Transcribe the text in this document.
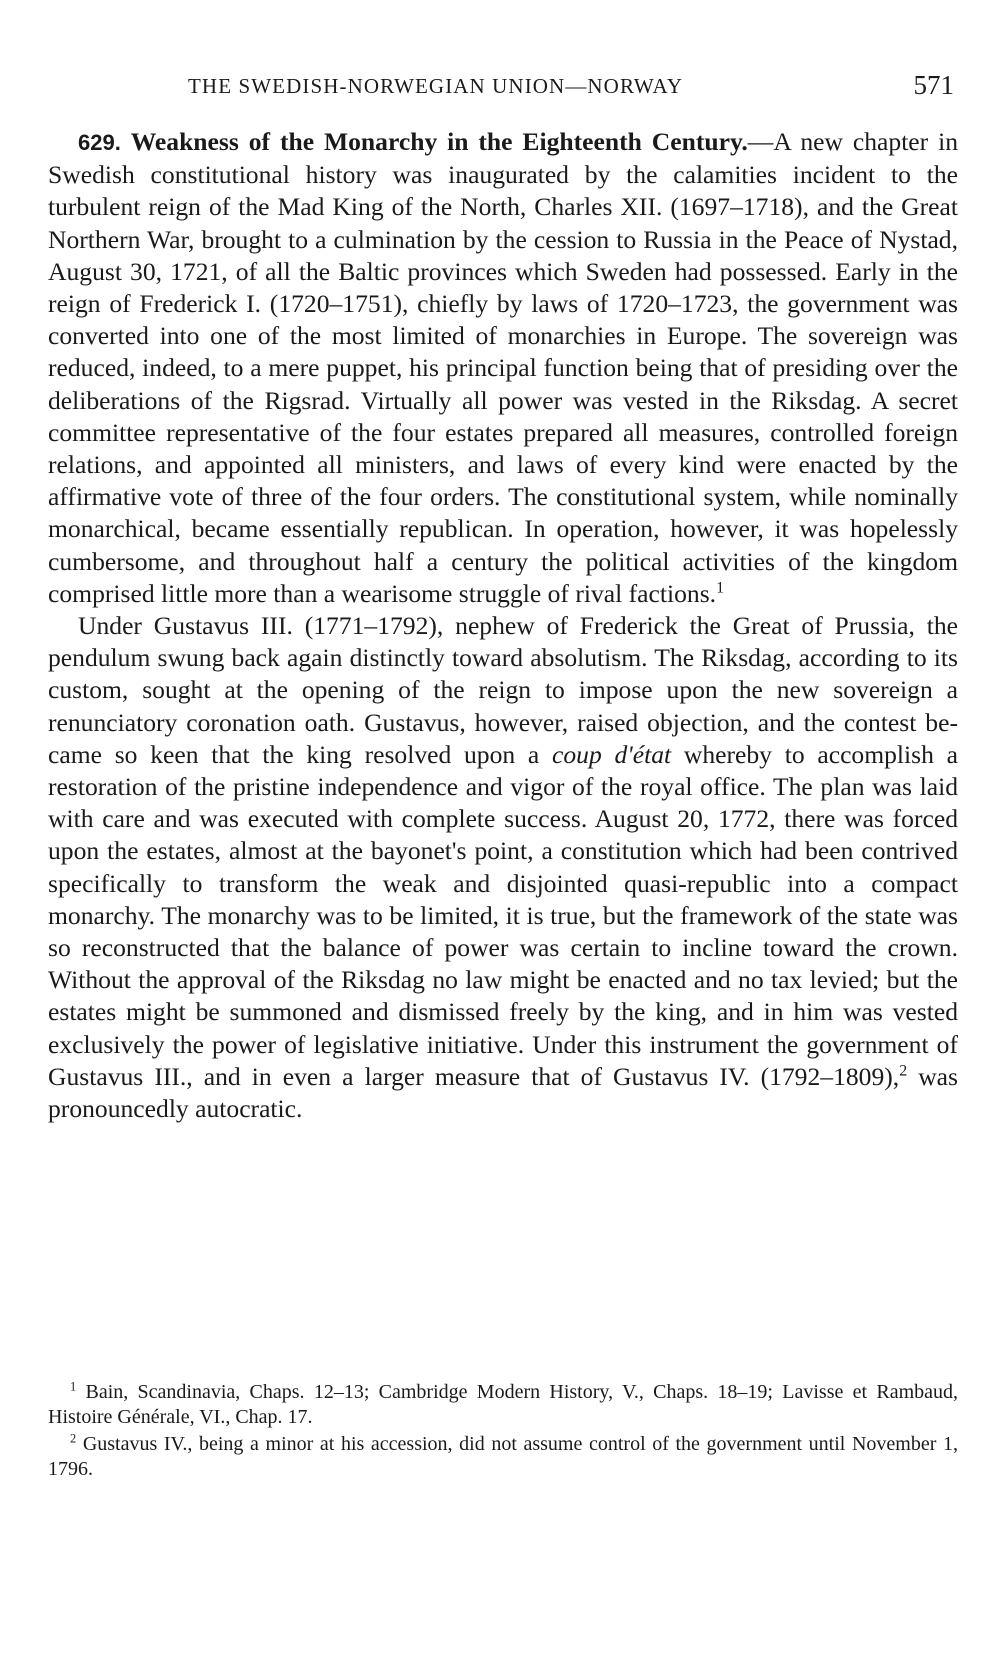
THE SWEDISH-NORWEGIAN UNION—NORWAY	571

629. Weakness of the Monarchy in the Eighteenth Century.—A new chapter in Swedish constitutional history was inaugurated by the calamities incident to the turbulent reign of the Mad King of the North, Charles XII. (1697–1718), and the Great Northern War, brought to a culmination by the cession to Russia in the Peace of Nystad, August 30, 1721, of all the Baltic provinces which Sweden had possessed. Early in the reign of Frederick I. (1720–1751), chiefly by laws of 1720–1723, the government was converted into one of the most limited of monarchies in Europe. The sovereign was reduced, indeed, to a mere puppet, his principal function being that of presiding over the deliberations of the Rigsrad. Virtually all power was vested in the Riksdag. A secret committee representative of the four estates prepared all measures, controlled foreign relations, and appointed all ministers, and laws of every kind were enacted by the affirmative vote of three of the four orders. The constitutional system, while nominally monarchical, became essentially republican. In operation, however, it was hopelessly cumbersome, and throughout half a century the political activities of the kingdom comprised little more than a wearisome struggle of rival factions.$^1$

Under Gustavus III. (1771–1792), nephew of Frederick the Great of Prussia, the pendulum swung back again distinctly toward absolutism. The Riksdag, according to its custom, sought at the opening of the reign to impose upon the new sovereign a renunciatory coronation oath. Gustavus, however, raised objection, and the contest became so keen that the king resolved upon a coup d'état whereby to accomplish a restoration of the pristine independence and vigor of the royal office. The plan was laid with care and was executed with complete success. August 20, 1772, there was forced upon the estates, almost at the bayonet's point, a constitution which had been contrived specifically to transform the weak and disjointed quasi-republic into a compact monarchy. The monarchy was to be limited, it is true, but the framework of the state was so reconstructed that the balance of power was certain to incline toward the crown. Without the approval of the Riksdag no law might be enacted and no tax levied; but the estates might be summoned and dismissed freely by the king, and in him was vested exclusively the power of legislative initiative. Under this instrument the government of Gustavus III., and in even a larger measure that of Gustavus IV. (1792–1809),$^2$ was pronouncedly autocratic.

$^1$ Bain, Scandinavia, Chaps. 12–13; Cambridge Modern History, V., Chaps. 18–19; Lavisse et Rambaud, Histoire Générale, VI., Chap. 17.

$^2$ Gustavus IV., being a minor at his accession, did not assume control of the government until November 1, 1796.
